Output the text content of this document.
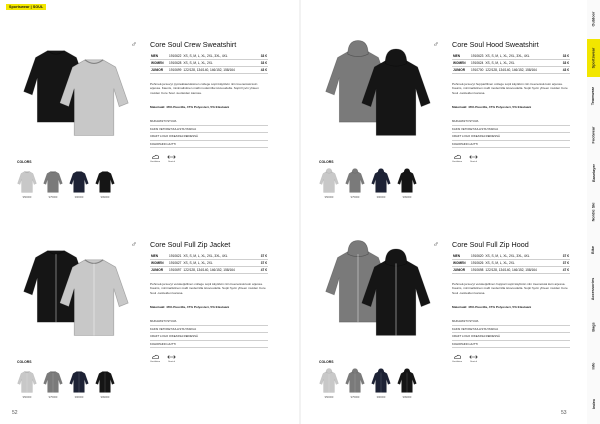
Sportswear | SOUL
52	53
Outdoor
Sportswear
Teamwear
Footwear
Baselayer
Nordic Ski
Bike
Accessories
Bags
Info
Index
♂ Core Soul Crew Sweatshirt
MEN	1910622	XS, S, M, L, XL, 2XL, 3XL, 4XL	33 €
WOMEN	1910628	XS, S, M, L, XL, 2XL	33 €
JUNIOR	1910699	122/128, 134/140, 146/152, 158/164	43 €
Pehmeä ja kevyt pyöreäkauluksinen college sopii käyttöön niin treeneissä kuin arjessa. Kaunis, minimalistinen malli modernilla istuvuudella. Sopii hyvin yhteen muiden Core Soul -tuotteiden kanssa.
Materiaali: 46% Puuvilla, 47% Polyesteri, 5% Elastaani
MUKAVASTI ISTUVA
KAKSI VETOKETJULLISTA TASKUA
CRAFT LOGO OIKEASSA REIDESSÄ
KOHOPAINO-HUTTI
Ventilation	Stretch
COLORS
950000	975000	396000	999000
♂ Core Soul Hood Sweatshirt
MEN	1910623	XS, S, M, L, XL, 2XL, 3XL, 4XL	33 €
WOMEN	1910624	XS, S, M, L, XL, 2XL	33 €
JUNIOR	1910700	122/128, 134/140, 146/152, 158/164	43 €
Pehmeä ja kevyt hupparillinen college sopii käyttöön niin treeneissä kuin arjessa. Kaunis, minimalistinen malli modernilla istuvuudella. Sopii hyvin yhteen muiden Core Soul -tuotteiden kanssa.
Materiaali: 46% Puuvilla, 47% Polyesteri, 5% Elastaani
MUKAVASTI ISTUVA
KAKSI VETOKETJULLISTA TASKUA
CRAFT LOGO OIKEASSA REIDESSÄ
KOHOPAINO-HUTTI
Ventilation	Stretch
COLORS
950000	975000	396000	999000
♂ Core Soul Full Zip Jacket
MEN	1910621	XS, S, M, L, XL, 2XL, 3XL, 4XL	37 €
WOMEN	1910627	XS, S, M, L, XL, 2XL	37 €
JUNIOR	1910697	122/128, 134/140, 146/152, 158/164	47 €
Pehmeä ja kevyt vetoketjullinen college sopii käyttöön niin treeneissä kuin arjessa. Kaunis, minimalistinen malli modernilla istuvuudella. Sopii hyvin yhteen muiden Core Soul -tuotteiden kanssa.
Materiaali: 46% Puuvilla, 47% Polyesteri, 5% Elastaani
MUKAVASTI ISTUVA
KAKSI VETOKETJULLISTA TASKUA
CRAFT LOGO OIKEASSA REIDESSÄ
KOHOPAINO-HUTTI
Ventilation	Stretch
COLORS
950000	975000	396000	999000
♂ Core Soul Full Zip Hood
MEN	1910620	XS, S, M, L, XL, 2XL, 3XL, 4XL	37 €
WOMEN	1910626	XS, S, M, L, XL, 2XL	37 €
JUNIOR	1910698	122/128, 134/140, 146/152, 158/164	47 €
Pehmeä ja kevyt vetoketjullinen huppari sopii käyttöön niin treeneissä kuin arjessa. Kaunis, minimalistinen malli modernilla istuvuudella. Sopii hyvin yhteen muiden Core Soul -tuotteiden kanssa.
Materiaali: 46% Puuvilla, 47% Polyesteri, 5% Elastaani
MUKAVASTI ISTUVA
KAKSI VETOKETJULLISTA TASKUA
CRAFT LOGO OIKEASSA REIDESSÄ
KOHOPAINO-HUTTI
Ventilation	Stretch
COLORS
950000	975000	396000	999000
